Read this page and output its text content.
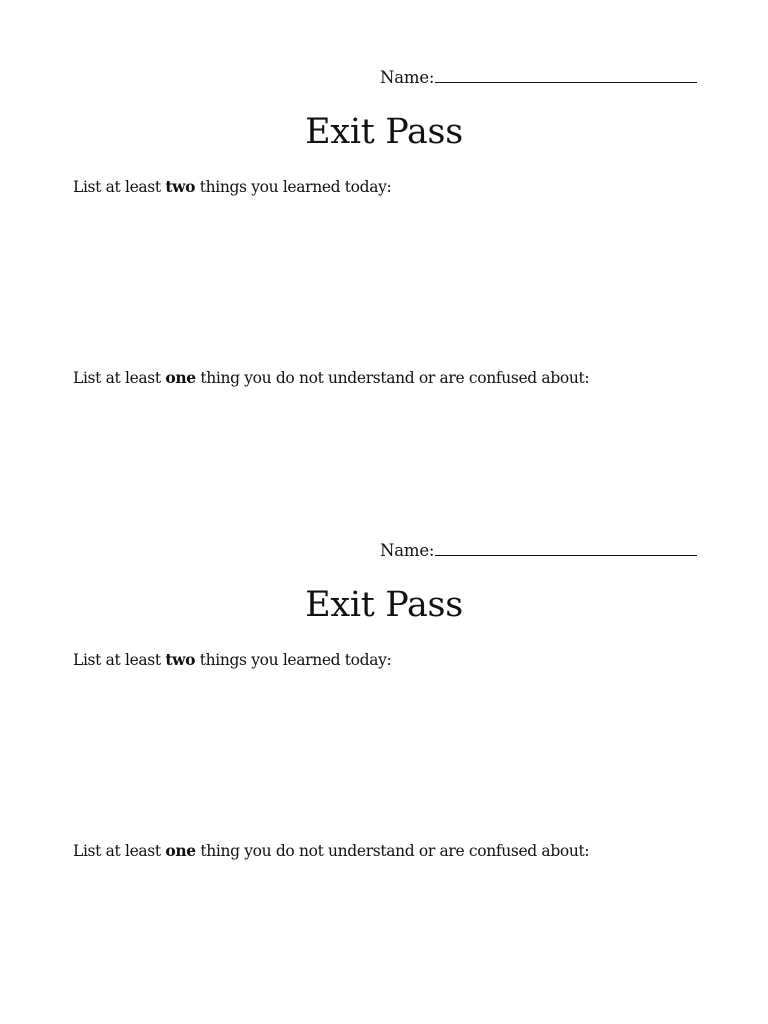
Name:
Exit Pass

List at least two things you learned today:

List at least one thing you do not understand or are confused about:

Name:
Exit Pass

List at least two things you learned today:

List at least one thing you do not understand or are confused about:
